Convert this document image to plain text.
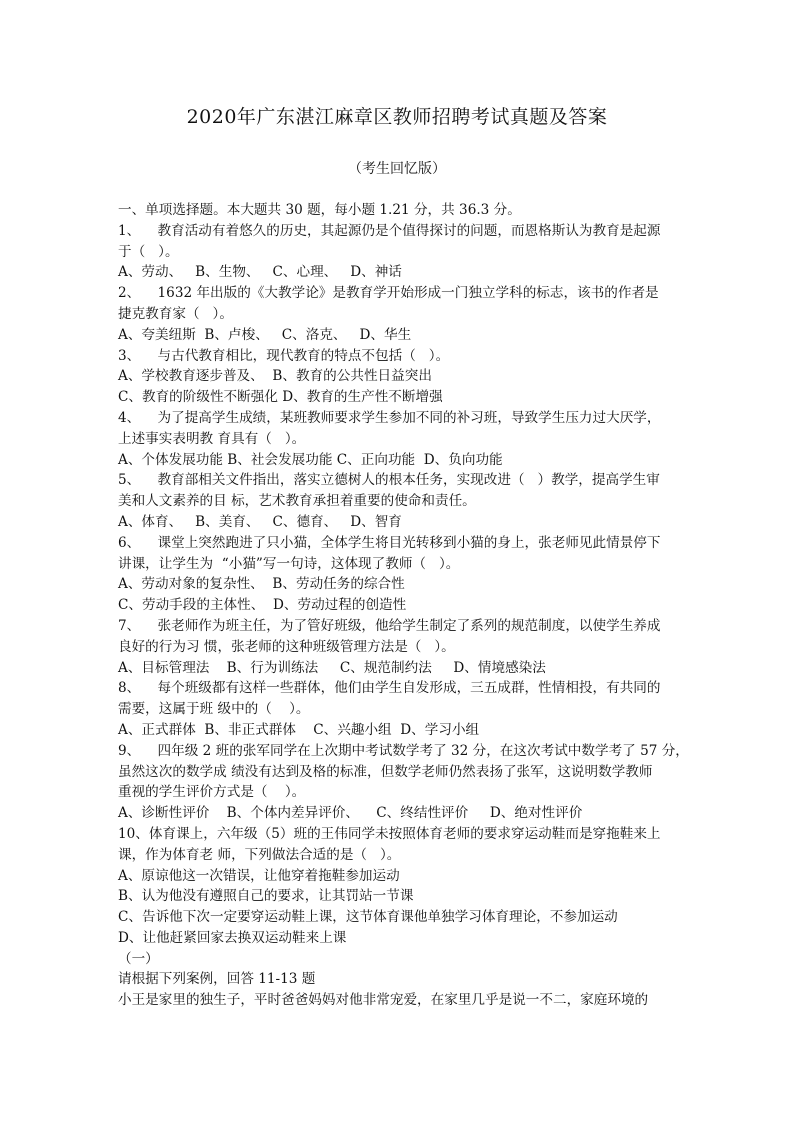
2020年广东湛江麻章区教师招聘考试真题及答案
（考生回忆版）
一、单项选择题。本大题共 30 题，每小题 1.21 分，共 36.3 分。
1、    教育活动有着悠久的历史，其起源仍是个值得探讨的问题，而恩格斯认为教育是起源
于（   ）。
A、劳动、   B、生物、   C、心理、   D、神话
2、    1632 年出版的《大教学论》是教育学开始形成一门独立学科的标志，该书的作者是
捷克教育家（   ）。
A、夸美纽斯  B、卢梭、   C、洛克、   D、华生
3、    与古代教育相比，现代教育的特点不包括（   ）。
A、学校教育逐步普及、  B、教育的公共性日益突出
C、教育的阶级性不断强化 D、教育的生产性不断增强
4、    为了提高学生成绩，某班教师要求学生参加不同的补习班，导致学生压力过大厌学，
上述事实表明教 育具有（   ）。
A、个体发展功能 B、社会发展功能 C、正向功能  D、负向功能
5、    教育部相关文件指出，落实立德树人的根本任务，实现改进（   ）教学，提高学生审
美和人文素养的目 标，艺术教育承担着重要的使命和责任。
A、体育、   B、美育、   C、德育、   D、智育
6、    课堂上突然跑进了只小猫，全体学生将目光转移到小猫的身上，张老师见此情景停下
讲课，让学生为  “小猫”写一句诗，这体现了教师（   ）。
A、劳动对象的复杂性、  B、劳动任务的综合性
C、劳动手段的主体性、  D、劳动过程的创造性
7、    张老师作为班主任，为了管好班级，他给学生制定了系列的规范制度，以使学生养成
良好的行为习 惯，张老师的这种班级管理方法是（   ）。
A、目标管理法    B、行为训练法     C、规范制约法     D、情境感染法
8、    每个班级都有这样一些群体，他们由学生自发形成，三五成群，性情相投，有共同的
需要，这属于班 级中的（    ）。
A、正式群体  B、非正式群体    C、兴趣小组  D、学习小组
9、    四年级 2 班的张军同学在上次期中考试数学考了 32 分，在这次考试中数学考了 57 分，
虽然这次的数学成 绩没有达到及格的标准，但数学老师仍然表扬了张军，这说明数学教师
重视的学生评价方式是（    ）。
A、诊断性评价    B、个体内差异评价、    C、终结性评价     D、绝对性评价
10、体育课上，六年级（5）班的王伟同学未按照体育老师的要求穿运动鞋而是穿拖鞋来上
课，作为体育老 师，下列做法合适的是（   ）。
A、原谅他这一次错误，让他穿着拖鞋参加运动
B、认为他没有遵照自己的要求，让其罚站一节课
C、告诉他下次一定要穿运动鞋上课，这节体育课他单独学习体育理论，不参加运动
D、让他赶紧回家去换双运动鞋来上课
（一）
请根据下列案例，回答 11-13 题
小王是家里的独生子，平时爸爸妈妈对他非常宠爱，在家里几乎是说一不二，家庭环境的
